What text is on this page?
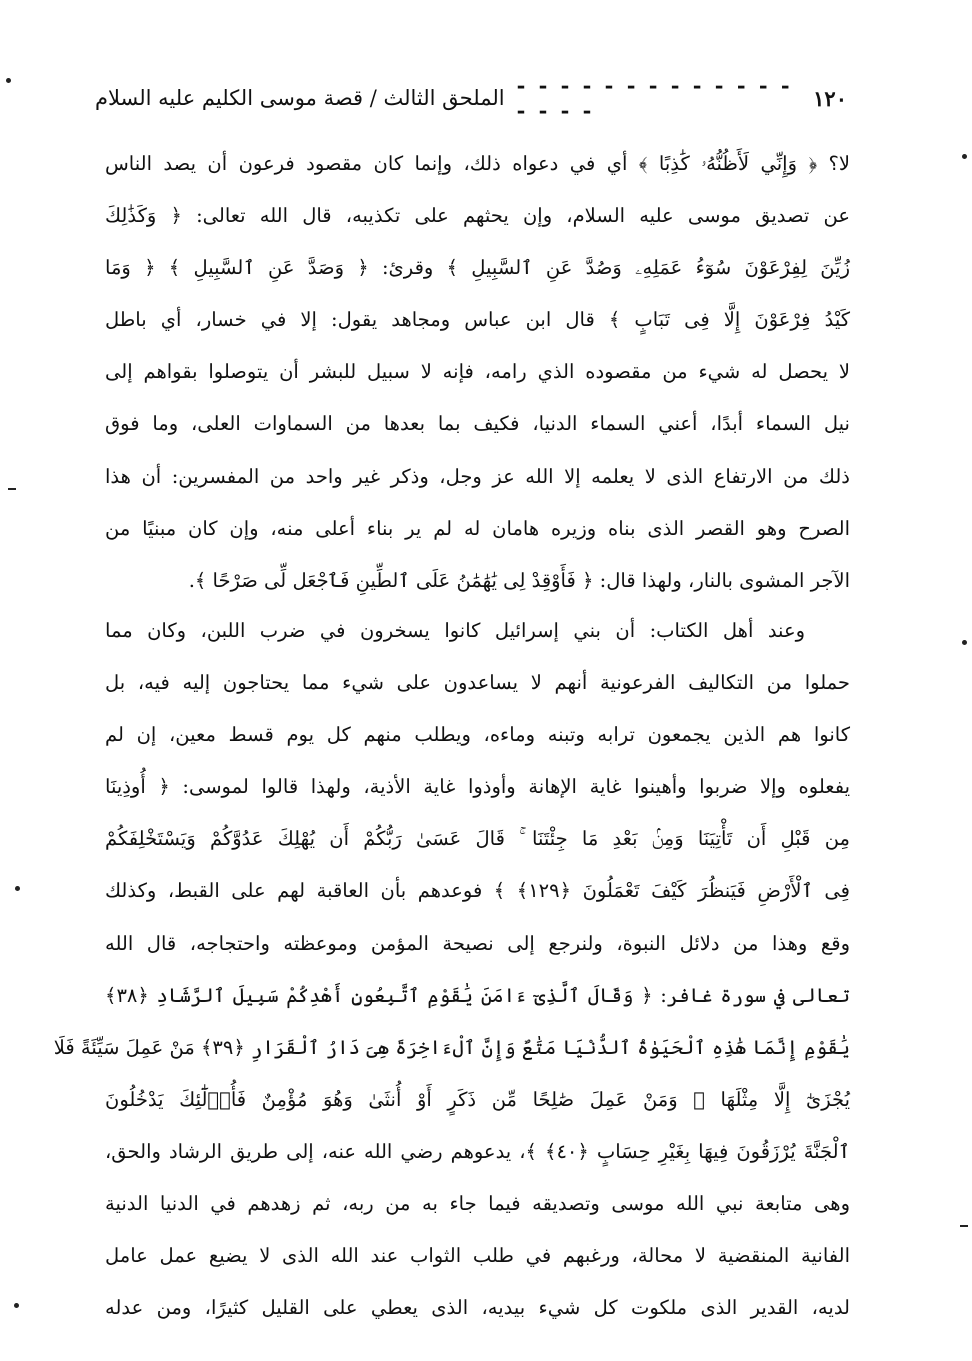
١٢٠
- - - - - - - - - - - - - - - - -
الملحق الثالث / قصة موسى الكليم عليه السلام
لا؟ ﴿ وَإِنِّي لَأَظُنُّهُۥ كَٰذِبًا ﴾ أي في دعواه ذلك، وإنما كان مقصود فرعون أن يصد الناس
عن تصديق موسى عليه السلام، وإن يحثهم على تكذيبه، قال الله تعالى: ﴿ وَكَذَٰلِكَ
زُيِّنَ لِفِرْعَوْنَ سُوٓءُ عَمَلِهِۦ وَصُدَّ عَنِ ٱلسَّبِيلِ ﴾ وقرئ: ﴿ وَصَدَّ عَنِ ٱلسَّبِيلِ ﴾ ﴿ وَمَا
كَيْدُ فِرْعَوْنَ إِلَّا فِى تَبَابٍ ﴾ قال ابن عباس ومجاهد يقول: إلا في خسار، أي باطل
لا يحصل له شيء من مقصوده الذي رامه، فإنه لا سبيل للبشر أن يتوصلوا بقواهم إلى
نيل السماء أبدًا، أعني السماء الدنيا، فكيف بما بعدها من السماوات العلى، وما فوق
ذلك من الارتفاع الذى لا يعلمه إلا الله عز وجل، وذكر غير واحد من المفسرين: أن هذا
الصرح وهو القصر الذى بناه وزيره هامان له لم ير بناء أعلى منه، وإن كان مبنيًا من
الآجر المشوى بالنار، ولهذا قال: ﴿ فَأَوْقِدْ لِى يَٰهَٰمَٰنُ عَلَى ٱلطِّينِ فَٱجْعَل لِّى صَرْحًا ﴾.
وعند أهل الكتاب: أن بني إسرائيل كانوا يسخرون في ضرب اللبن، وكان مما
حملوا من التكاليف الفرعونية أنهم لا يساعدون على شيء مما يحتاجون إليه فيه، بل
كانوا هم الذين يجمعون ترابه وتبنه وماءه، ويطلب منهم كل يوم قسط معين، إن لم
يفعلوه وإلا ضربوا وأهينوا غاية الإهانة وأوذوا غاية الأذية، ولهذا قالوا لموسى: ﴿ أُوذِينَا
مِن قَبْلِ أَن تَأْتِيَنَا وَمِنۢ بَعْدِ مَا جِئْتَنَا ۚ قَالَ عَسَىٰ رَبُّكُمْ أَن يُهْلِكَ عَدُوَّكُمْ وَيَسْتَخْلِفَكُمْ
فِى ٱلْأَرْضِ فَيَنظُرَ كَيْفَ تَعْمَلُونَ ﴿١٢٩﴾ ﴾ فوعدهم بأن العاقبة لهم على القبط، وكذلك
وقع وهذا من دلائل النبوة، ولنرجع إلى نصيحة المؤمن وموعظته واحتجاجه، قال الله
تعالى في سورة غافر: ﴿ وَقَالَ ٱلَّذِىٓ ءَامَنَ يَٰقَوْمِ ٱتَّبِعُونِ أَهْدِكُمْ سَبِيلَ ٱلرَّشَادِ ﴿٣٨﴾
يَٰقَوْمِ إِنَّمَا هَٰذِهِ ٱلْحَيَوٰةُ ٱلدُّنْيَا مَتَٰعٌ وَإِنَّ ٱلْءَاخِرَةَ هِىَ دَارُ ٱلْقَرَارِ ﴿٣٩﴾ مَنْ عَمِلَ سَيِّئَةً فَلَا
يُجْزَىٰٓ إِلَّا مِثْلَهَا ۖ وَمَنْ عَمِلَ صَٰلِحًا مِّن ذَكَرٍ أَوْ أُنثَىٰ وَهُوَ مُؤْمِنٌ فَأُو۟لَٰٓئِكَ يَدْخُلُونَ
ٱلْجَنَّةَ يُرْزَقُونَ فِيهَا بِغَيْرِ حِسَابٍ ﴿٤٠﴾ ﴾، يدعوهم رضي الله عنه، إلى طريق الرشاد والحق،
وهى متابعة نبي الله موسى وتصديقه فيما جاء به من ربه، ثم زهدهم في الدنيا الدنية
الفانية المنقضية لا محالة، ورغبهم في طلب الثواب عند الله الذى لا يضيع عمل عامل
لديه، القدير الذى ملكوت كل شيء بيديه، الذى يعطي على القليل كثيرًا، ومن عدله
